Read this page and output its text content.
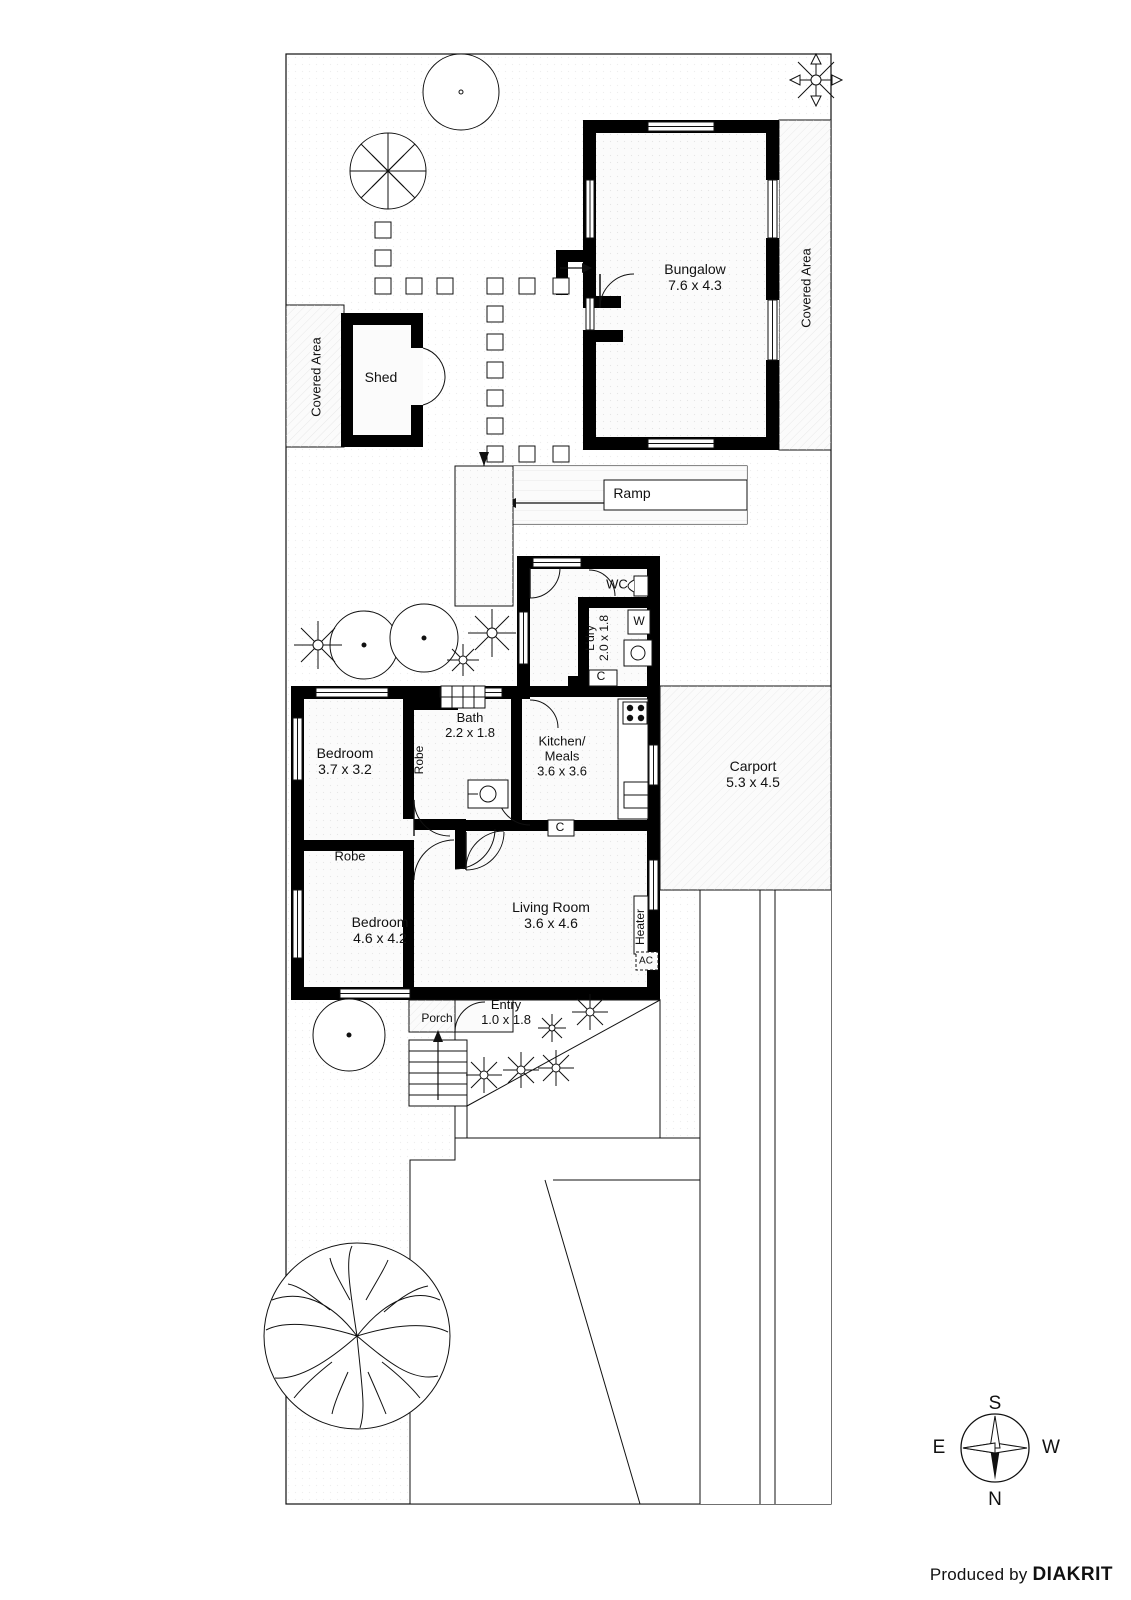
Bungalow
7.6 x 4.3
Shed
Covered Area
Covered Area
Ramp
WC
L'dry 2.0 x 1.8 W
C
Bath
2.2 x 1.8
Bedroom
3.7 x 3.2	Robe
Kitchen/ Meals
3.6 x 3.6	Carport
5.3 x 4.5
C
Robe
Bedroom
4.6 x 4.2
Living Room
3.6 x 4.6	Heater
AC
Entry
1.0 x 1.8
Porch
S
W
N
E
Produced by DIAKRIT
